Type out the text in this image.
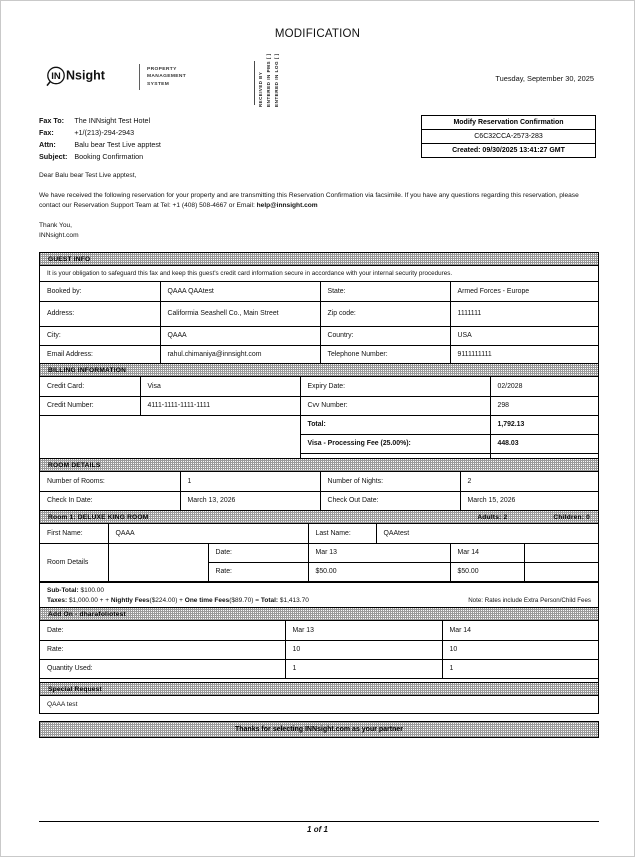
MODIFICATION
IN Nsight	PROPERTY
MANAGEMENT
SYSTEM	RECEIVED BY ENTERED IN PMS [ ] ENTERED IN LOG [ ]	Tuesday, September 30, 2025
Fax To:	The INNsight Test Hotel
Fax:	+1/(213)-294-2943
Attn:	Balu bear Test Live apptest
Subject:	Booking Confirmation
Modify Reservation Confirmation
C6C32CCA-2573-283
Created: 09/30/2025 13:41:27 GMT

Dear Balu bear Test Live apptest,

We have received the following reservation for your property and are transmitting this Reservation Confirmation via facsimile. If you have any questions regarding this reservation, please contact our Reservation Support Team at Tel: +1 (408) 508-4667 or Email: help@innsight.com

Thank You,

INNsight.com

GUEST INFO
It is your obligation to safeguard this fax and keep this guest's credit card information secure in accordance with your internal security procedures.
Booked by:	QAAA QAAtest	State:	Armed Forces - Europe
Address:	Califormia Seashell Co., Main Street	Zip code:	1111111
City:	QAAA	Country:	USA
Email Address:	rahul.chimaniya@innsight.com	Telephone Number:	9111111111
BILLING INFORMATION
Credit Card:	Visa	Expiry Date:	02/2028
Credit Number:	4111-1111-1111-1111	Cvv Number:	298
		Total:	1,792.13
		Visa - Processing Fee (25.00%):	448.03

ROOM DETAILS
Number of Rooms:	1	Number of Nights:	2
Check In Date:	March 13, 2026	Check Out Date:	March 15, 2026
Room 1: DELUXE KING ROOM	Adults: 2	Children: 0
First Name:	QAAA		Last Name:	QAAtest		
Room Details		Date:	Mar 13		Mar 14	
		Rate:	$50.00		$50.00	
Sub-Total: $100.00
Taxes: $1,000.00 + + Nightly Fees($224.00) + One time Fees($89.70) = Total: $1,413.70	Note: Rates include Extra Person/Child Fees
Add On - dharafoliotest
Date:	Mar 13	Mar 14
Rate:	10	10
Quantity Used:	1	1
Special Request
QAAA test
Thanks for selecting INNsight.com as your partner
1 of 1
